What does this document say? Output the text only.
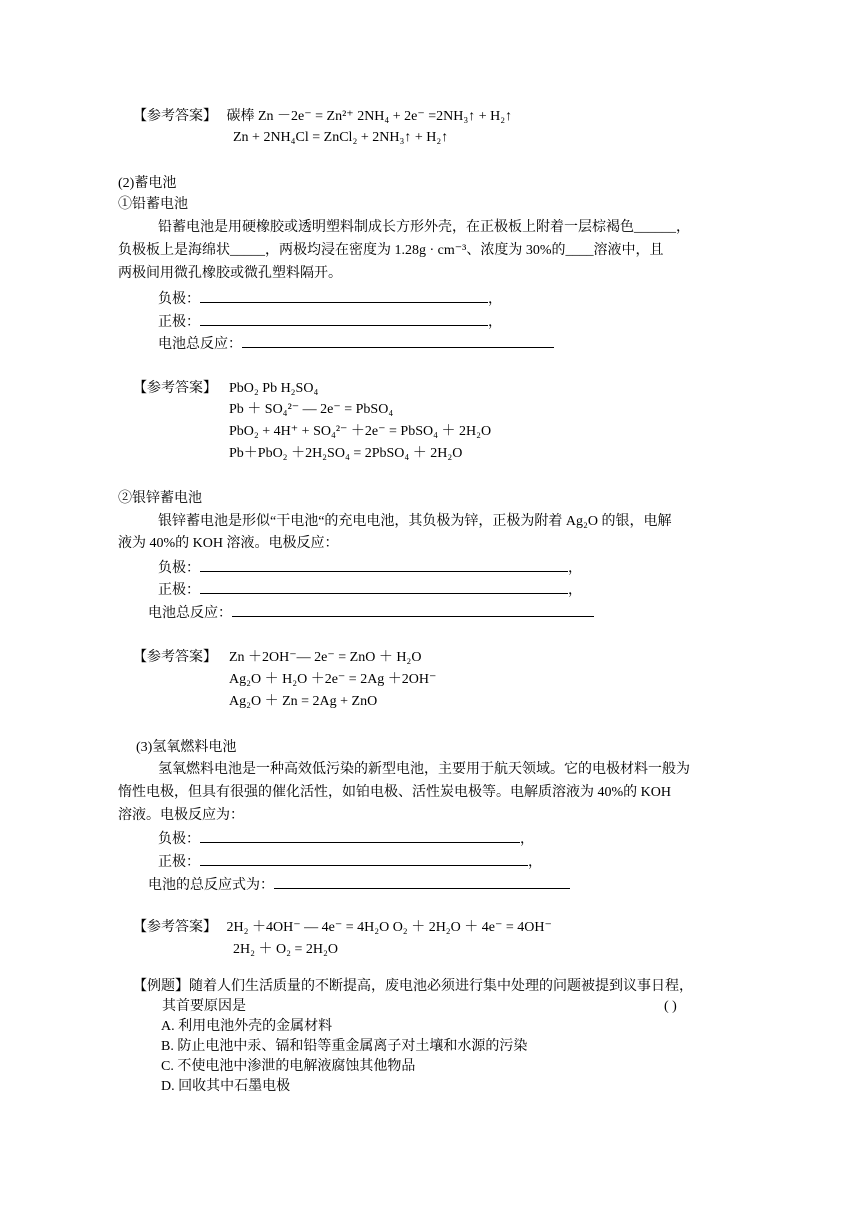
【参考答案】 碳棒 Zn －2e⁻ = Zn²⁺ 2NH₄ + 2e⁻ =2NH₃↑ + H₂↑
Zn + 2NH₄Cl = ZnCl₂ + 2NH₃↑ + H₂↑
(2)蓄电池
①铅蓄电池
铅蓄电池是用硬橡胶或透明塑料制成长方形外壳，在正极板上附着一层棕褐色______，
负极板上是海绵状_____，两极均浸在密度为 1.28g · cm⁻³、浓度为 30%的____溶液中，且
两极间用微孔橡胶或微孔塑料隔开。
负极：	，
正极：	，
电池总反应：
【参考答案】 PbO₂ Pb H₂SO₄
Pb ＋ SO₄²⁻ — 2e⁻ = PbSO₄
PbO₂ + 4H⁺ + SO₄²⁻ ＋2e⁻ = PbSO₄ ＋ 2H₂O
Pb＋PbO₂ ＋2H₂SO₄ = 2PbSO₄ ＋ 2H₂O
②银锌蓄电池
银锌蓄电池是形似“干电池“的充电电池，其负极为锌，正极为附着 Ag₂O 的银，电解
液为 40%的 KOH 溶液。电极反应：
负极：	，
正极：	，
电池总反应：
【参考答案】 Zn ＋2OH⁻— 2e⁻ = ZnO ＋ H₂O
Ag₂O ＋ H₂O ＋2e⁻ = 2Ag ＋2OH⁻
Ag₂O ＋ Zn = 2Ag + ZnO
(3)氢氧燃料电池
氢氧燃料电池是一种高效低污染的新型电池，主要用于航天领域。它的电极材料一般为
惰性电极，但具有很强的催化活性，如铂电极、活性炭电极等。电解质溶液为 40%的 KOH
溶液。电极反应为：
负极：	，
正极：	，
电池的总反应式为：
【参考答案】 2H₂ ＋4OH⁻ — 4e⁻ = 4H₂O O₂ ＋ 2H₂O ＋ 4e⁻ = 4OH⁻
2H₂ ＋ O₂ = 2H₂O
【例题】随着人们生活质量的不断提高，废电池必须进行集中处理的问题被提到议事日程，
其首要原因是	( )
A. 利用电池外壳的金属材料
B. 防止电池中汞、镉和铅等重金属离子对土壤和水源的污染
C. 不使电池中渗泄的电解液腐蚀其他物品
D. 回收其中石墨电极
